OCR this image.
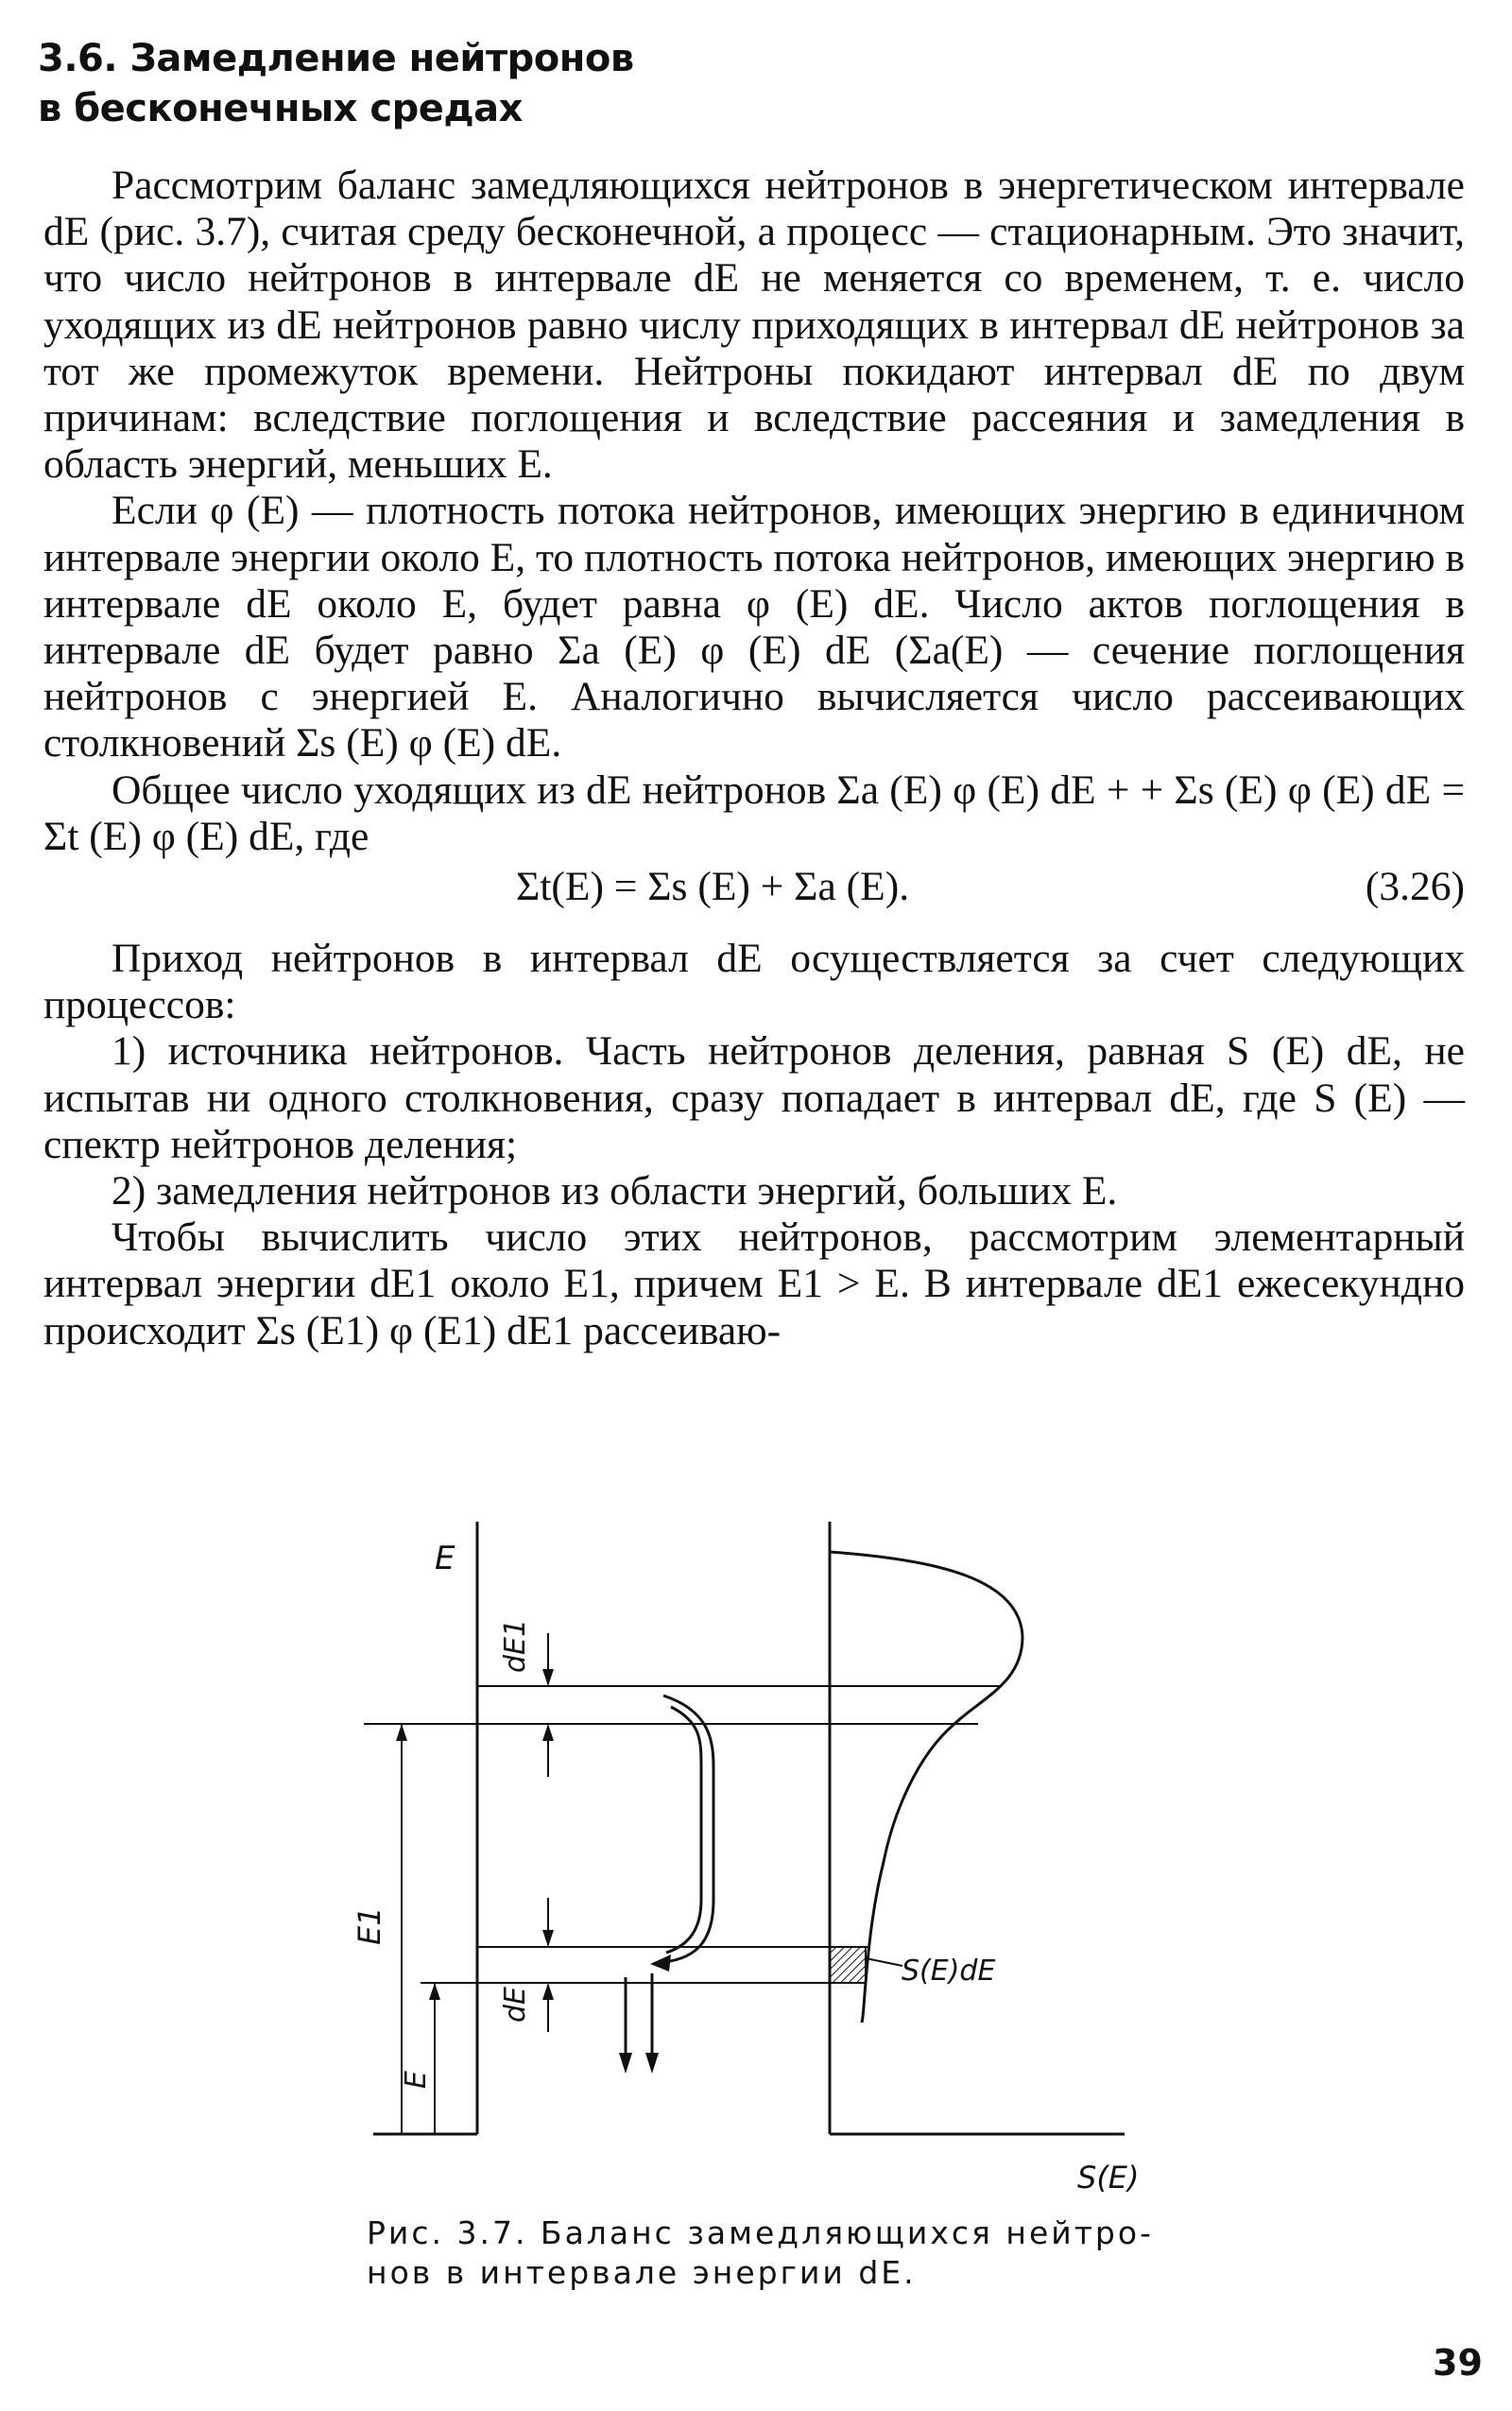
3.6. Замедление нейтронов
в бесконечных средах

Рассмотрим баланс замедляющихся нейтронов в энергетическом интервале dE (рис. 3.7), считая среду бесконечной, а процесс — стационарным. Это значит, что число нейтронов в интервале dE не меняется со временем, т. е. число уходящих из dE нейтронов равно числу приходящих в интервал dE нейтронов за тот же промежуток времени. Нейтроны покидают интервал dE по двум причинам: вследствие поглощения и вследствие рассеяния и замедления в область энергий, меньших E.

Если φ (E) — плотность потока нейтронов, имеющих энергию в единичном интервале энергии около E, то плотность потока нейтронов, имеющих энергию в интервале dE около E, будет равна φ (E) dE. Число актов поглощения в интервале dE будет равно Σa (E) φ (E) dE (Σa(E) — сечение поглощения нейтронов с энергией E. Аналогично вычисляется число рассеивающих столкновений Σs (E) φ (E) dE.

Общее число уходящих из dE нейтронов Σa (E) φ (E) dE + + Σs (E) φ (E) dE = Σt (E) φ (E) dE, где

Σt(E) = Σs (E) + Σa (E).	(3.26)

Приход нейтронов в интервал dE осуществляется за счет следующих процессов:

1) источника нейтронов. Часть нейтронов деления, равная S (E) dE, не испытав ни одного столкновения, сразу попадает в интервал dE, где S (E) — спектр нейтронов деления;

2) замедления нейтронов из области энергий, больших E.

Чтобы вычислить число этих нейтронов, рассмотрим элементарный интервал энергии dE1 около E1, причем E1 > E. В интервале dE1 ежесекундно происходит Σs (E1) φ (E1) dE1 рассеиваю-

E
dE1
E1
dE
E
S(E)dE
S(E)
Рис. 3.7. Баланс замедляющихся нейтро-
нов в интервале энергии dE.
39
